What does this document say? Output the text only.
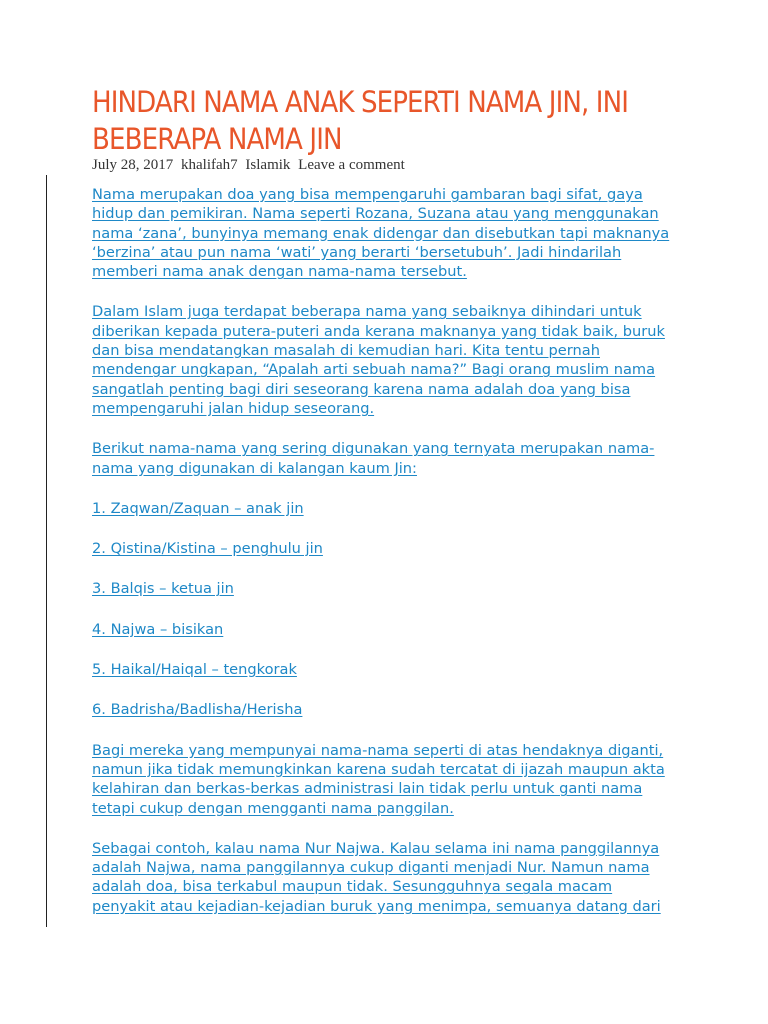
HINDARI NAMA ANAK SEPERTI NAMA JIN, INI BEBERAPA NAMA JIN
July 28, 2017 khalifah7 Islamik Leave a comment

Nama merupakan doa yang bisa mempengaruhi gambaran bagi sifat, gaya hidup dan pemikiran. Nama seperti Rozana, Suzana atau yang menggunakan nama ‘zana’, bunyinya memang enak didengar dan disebutkan tapi maknanya ‘berzina’ atau pun nama ‘wati’ yang berarti ‘bersetubuh’. Jadi hindarilah memberi nama anak dengan nama-nama tersebut.

Dalam Islam juga terdapat beberapa nama yang sebaiknya dihindari untuk diberikan kepada putera-puteri anda kerana maknanya yang tidak baik, buruk dan bisa mendatangkan masalah di kemudian hari. Kita tentu pernah mendengar ungkapan, “Apalah arti sebuah nama?” Bagi orang muslim nama sangatlah penting bagi diri seseorang karena nama adalah doa yang bisa mempengaruhi jalan hidup seseorang.

Berikut nama-nama yang sering digunakan yang ternyata merupakan nama-nama yang digunakan di kalangan kaum Jin:

1. Zaqwan/Zaquan – anak jin

2. Qistina/Kistina – penghulu jin

3. Balqis – ketua jin

4. Najwa – bisikan

5. Haikal/Haiqal – tengkorak

6. Badrisha/Badlisha/Herisha

Bagi mereka yang mempunyai nama-nama seperti di atas hendaknya diganti, namun jika tidak memungkinkan karena sudah tercatat di ijazah maupun akta kelahiran dan berkas-berkas administrasi lain tidak perlu untuk ganti nama tetapi cukup dengan mengganti nama panggilan.

Sebagai contoh, kalau nama Nur Najwa. Kalau selama ini nama panggilannya adalah Najwa, nama panggilannya cukup diganti menjadi Nur. Namun nama adalah doa, bisa terkabul maupun tidak. Sesungguhnya segala macam penyakit atau kejadian-kejadian buruk yang menimpa, semuanya datang dari
